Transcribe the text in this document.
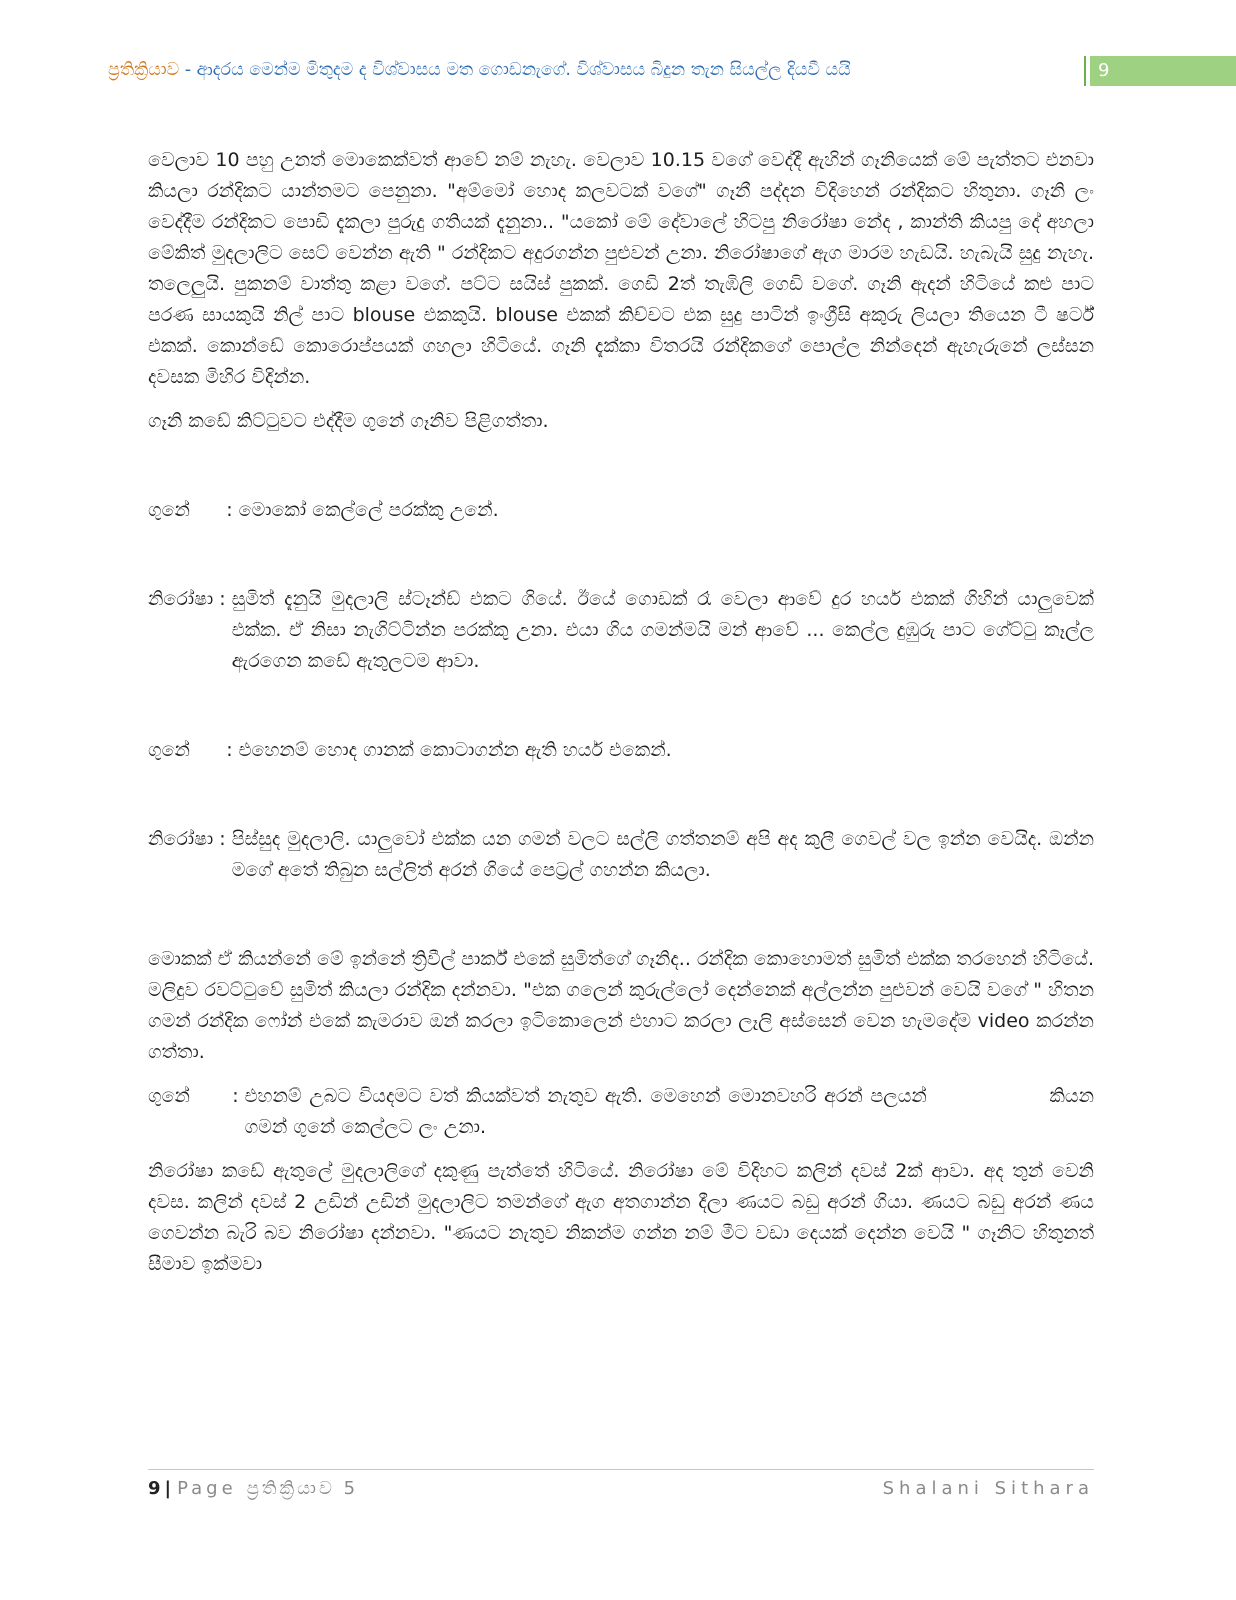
ප්‍රතික්‍රියාව - ආදරය මෙන්ම මිතුදම ද විශ්වාසය මත ගොඩනැගේ. විශ්වාසය බිදුන තැන සියල්ල දියවී යයි	9

වෙලාව 10 පහු උනත් මොකෙක්වත් ආවේ නම් නැහැ. වෙලාව 10.15 වගේ වෙද්දී ඇහින් ගෑනියෙක් මේ පැත්තට එනවා කියලා රන්දිකට යාන්තමට පෙනුනා. "අම්මෝ හොද කලවටක් වගේ" ගෑනී පද්දන විදිහෙන් රන්දිකට හිතුනා. ගෑනි ලං වෙද්දීම රන්දිකට පොඩි දැකලා පුරුදු ගතියක් දැනුනා.. "යකෝ මේ දේවාලේ හිටපු නිරෝෂා නේද , කාන්ති කියපු දේ අහලා මේකිත් මුදලාලිට සෙට් වෙන්න ඇති " රන්දිකට අදුරගන්න පුළුවන් උනා. නිරෝෂාගේ ඇග මාරම හැඩයි. හැබැයි සුදු නැහැ. තලෙලුයි. පුකනම් වාත්තු කළා වගේ. පට්ට සයිස් පුකක්. ගෙඩි 2ත් තැඹිලි ගෙඩි වගේ. ගෑනි ඇදන් හිටියේ කළු පාට පරණ සායකුයි නිල් පාට blouse එකකුයි. blouse එකක් කිච්චට එක සුදු පාටින් ඉංග්‍රීසි අකුරු ලියලා තියෙන ටී ෂර්ට් එකක්. කොන්ඩේ කොරොප්පයක් ගහලා හිටියේ. ගෑනි දැක්කා විතරයි රන්දිකගේ පොල්ල නින්දෙන් ඇහැරුනේ ලස්සන දවසක මිහිර විදින්න.

ගෑනි කඩේ කිට්ටුවට එද්දීම ගුනේ ගෑනිව පිළිගත්තා.

ගුනේ : මොකෝ කෙල්ලේ පරක්කු උනේ.
නිරෝෂා : සුමිත් දැනුයි මුදලාලි ස්ටෑන්ඩ් එකට ගියේ. ඊයේ ගොඩක් රෑ වෙලා ආවේ දුර හයර් එකක් ගිහින් යාලුවෙක් එක්ක. ඒ නිසා නැගිට්ටින්න පරක්කු උනා. එයා ගිය ගමන්මයි මන් ආවේ ... කෙල්ල දුඹුරු පාට ගේට්ටු කෑල්ල ඇරගෙන කඩේ ඇතුලටම ආවා.
ගුනේ : එහෙනම් හොද ගානක් කොටාගන්න ඇති හයර් එකෙන්.
නිරෝෂා : පිස්සුද මුදලාලි. යාලුවෝ එක්ක යන ගමන් වලට සල්ලි ගත්තනම් අපි අද කුලී ගෙවල් වල ඉන්න වෙයිද. ඔන්න මගේ අතේ තිබුන සල්ලිත් අරන් ගියේ පෙට්‍රල් ගහන්න කියලා.

මොකක් ඒ කියන්නේ මේ ඉන්නේ ත්‍රිවීල් පාර්ක් එකේ සුමිත්ගේ ගෑනිද.. රන්දික කොහොමත් සුමිත් එක්ක තරහෙන් හිටියේ. මලිදුව රවට්ටුවේ සුමිත් කියලා රන්දික දන්නවා. "එක ගලෙන් කුරුල්ලෝ දෙන්නෙක් අල්ලන්න පුළුවන් වෙයි වගේ " හිතන ගමන් රන්දික ෆෝන් එකේ කැමරාව ඔන් කරලා ඉටිකොලෙන් එහාට කරලා ලෑලි අස්සෙන් වෙන හැමදේම video කරන්න ගත්තා.

ගුනේ : එහනම් උබට වියදමට වත් කියක්වත් නැතුව ඇති. මෙහෙන් මොනවහරි අරන් පලයන්                කියන ගමන් ගුනේ කෙල්ලට ලං උනා.

නිරෝෂා කඩේ ඇතුලේ මුදලාලිගේ දකුණු පැත්තේ හිටියේ. නිරෝෂා මේ විදිහට කලින් දවස් 2ක් ආවා. අද තුන් වෙනි දවස. කලින් දවස් 2 උඩින් උඩින් මුදලාලිට තමන්ගේ ඇග අතගාන්න දීලා ණයට බඩු අරන් ගියා. ණයට බඩු අරන් ණය ගෙවන්න බැරි බව නිරෝෂා දන්නවා. "ණයට නැතුව නිකන්ම ගන්න නම් මීට වඩා දෙයක් දෙන්න වෙයි " ගෑනිට හිතුනත් සීමාව ඉක්මවා

9 | Page ප්‍රතික්‍රියාව 5	Shalani Sithara
